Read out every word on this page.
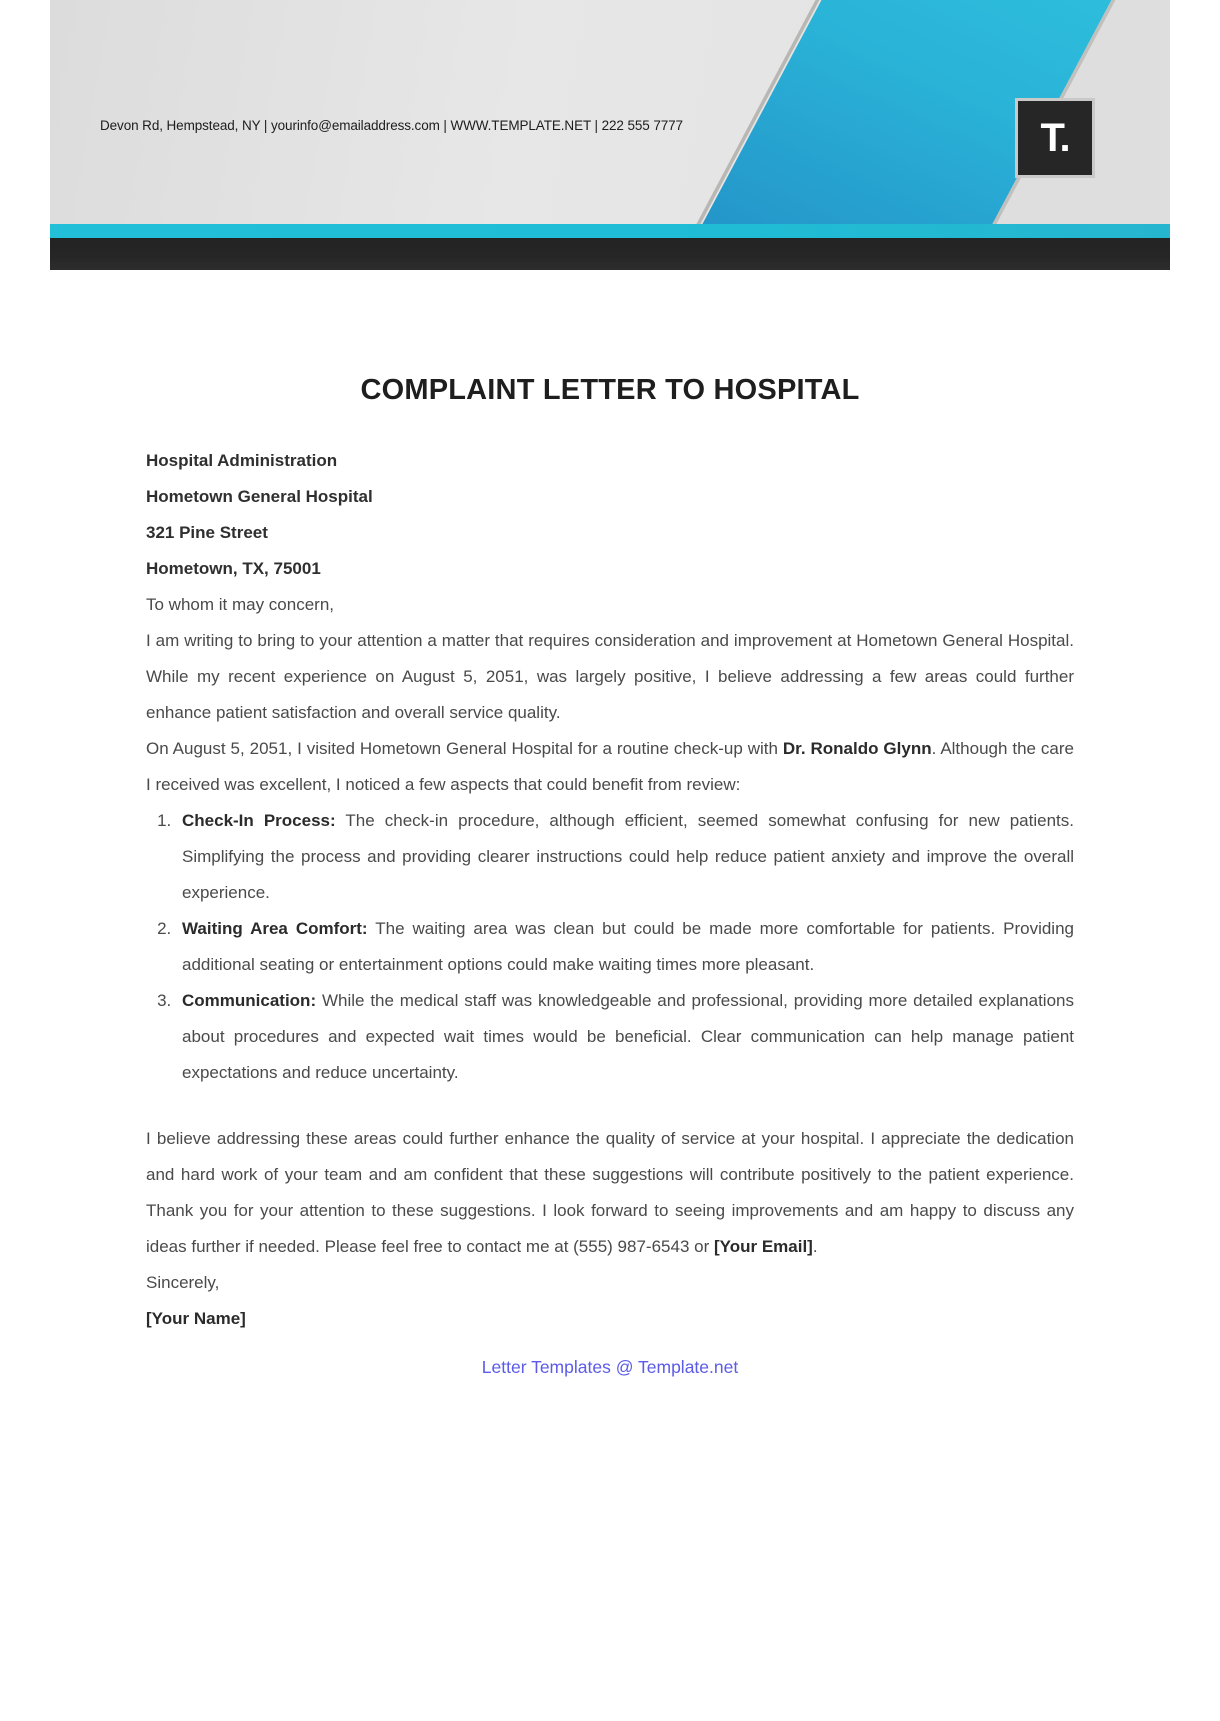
Devon Rd, Hempstead, NY | yourinfo@emailaddress.com | WWW.TEMPLATE.NET | 222 555 7777	T.
COMPLAINT LETTER TO HOSPITAL
Hospital Administration
Hometown General Hospital
321 Pine Street
Hometown, TX, 75001
To whom it may concern,

I am writing to bring to your attention a matter that requires consideration and improvement at Hometown General Hospital. While my recent experience on August 5, 2051, was largely positive, I believe addressing a few areas could further enhance patient satisfaction and overall service quality.

On August 5, 2051, I visited Hometown General Hospital for a routine check-up with Dr. Ronaldo Glynn. Although the care I received was excellent, I noticed a few aspects that could benefit from review:

1. Check-In Process: The check-in procedure, although efficient, seemed somewhat confusing for new patients. Simplifying the process and providing clearer instructions could help reduce patient anxiety and improve the overall experience.
2. Waiting Area Comfort: The waiting area was clean but could be made more comfortable for patients. Providing additional seating or entertainment options could make waiting times more pleasant.
3. Communication: While the medical staff was knowledgeable and professional, providing more detailed explanations about procedures and expected wait times would be beneficial. Clear communication can help manage patient expectations and reduce uncertainty.

I believe addressing these areas could further enhance the quality of service at your hospital. I appreciate the dedication and hard work of your team and am confident that these suggestions will contribute positively to the patient experience. Thank you for your attention to these suggestions. I look forward to seeing improvements and am happy to discuss any ideas further if needed. Please feel free to contact me at (555) 987-6543 or [Your Email].

Sincerely,
[Your Name]
Letter Templates @ Template.net
